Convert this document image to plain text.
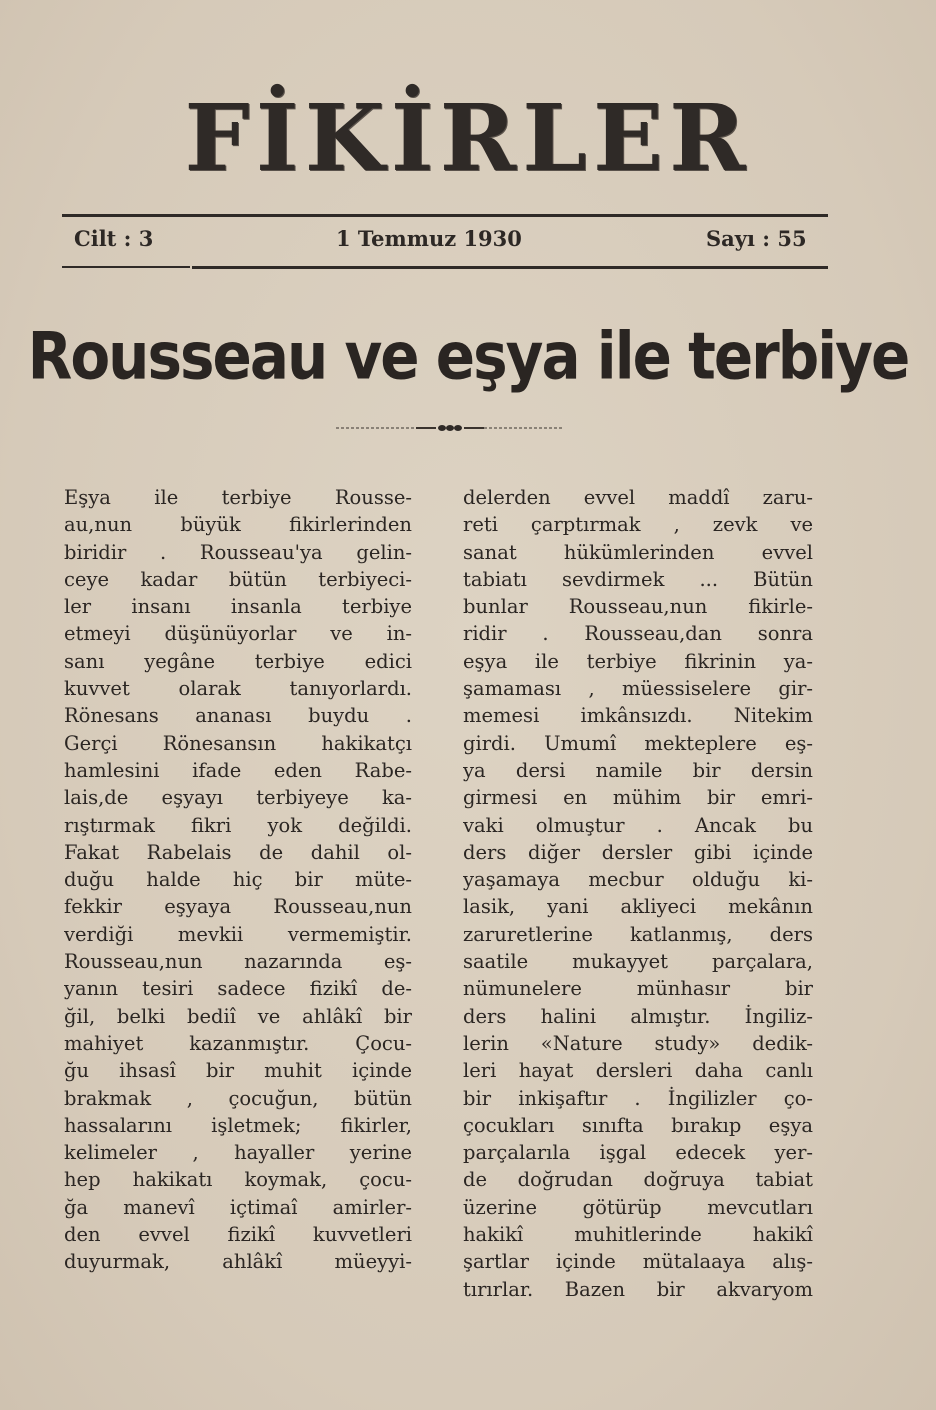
FİKİRLER
Cilt : 3	1 Temmuz 1930	Sayı : 55
Rousseau ve eşya ile terbiye
Eşya ile terbiye Rousse-
au,nun büyük fikirlerinden
biridir . Rousseau'ya gelin-
ceye kadar bütün terbiyeci-
ler insanı insanla terbiye
etmeyi düşünüyorlar ve in-
sanı yegâne terbiye edici
kuvvet olarak tanıyorlardı.
Rönesans ananası buydu .
Gerçi Rönesansın hakikatçı
hamlesini ifade eden Rabe-
lais,de eşyayı terbiyeye ka-
rıştırmak fikri yok değildi.
Fakat Rabelais de dahil ol-
duğu halde hiç bir müte-
fekkir eşyaya Rousseau,nun
verdiği mevkii vermemiştir.
Rousseau,nun nazarında eş-
yanın tesiri sadece fizikî de-
ğil, belki bediî ve ahlâkî bir
mahiyet kazanmıştır. Çocu-
ğu ihsasî bir muhit içinde
brakmak , çocuğun, bütün
hassalarını işletmek; fikirler,
kelimeler , hayaller yerine
hep hakikatı koymak, çocu-
ğa manevî içtimaî amirler-
den evvel fizikî kuvvetleri
duyurmak, ahlâkî müeyyi-
delerden evvel maddî zaru-
reti çarptırmak , zevk ve
sanat hükümlerinden evvel
tabiatı sevdirmek ... Bütün
bunlar Rousseau,nun fikirle-
ridir . Rousseau,dan sonra
eşya ile terbiye fikrinin ya-
şamaması , müessiselere gir-
memesi imkânsızdı. Nitekim
girdi. Umumî mekteplere eş-
ya dersi namile bir dersin
girmesi en mühim bir emri-
vaki olmuştur . Ancak bu
ders diğer dersler gibi içinde
yaşamaya mecbur olduğu ki-
lasik, yani akliyeci mekânın
zaruretlerine katlanmış, ders
saatile mukayyet parçalara,
nümunelere münhasır bir
ders halini almıştır. İngiliz-
lerin «Nature study» dedik-
leri hayat dersleri daha canlı
bir inkişaftır . İngilizler ço-
çocukları sınıfta bırakıp eşya
parçalarıla işgal edecek yer-
de doğrudan doğruya tabiat
üzerine götürüp mevcutları
hakikî muhitlerinde hakikî
şartlar içinde mütalaaya alış-
tırırlar. Bazen bir akvaryom
